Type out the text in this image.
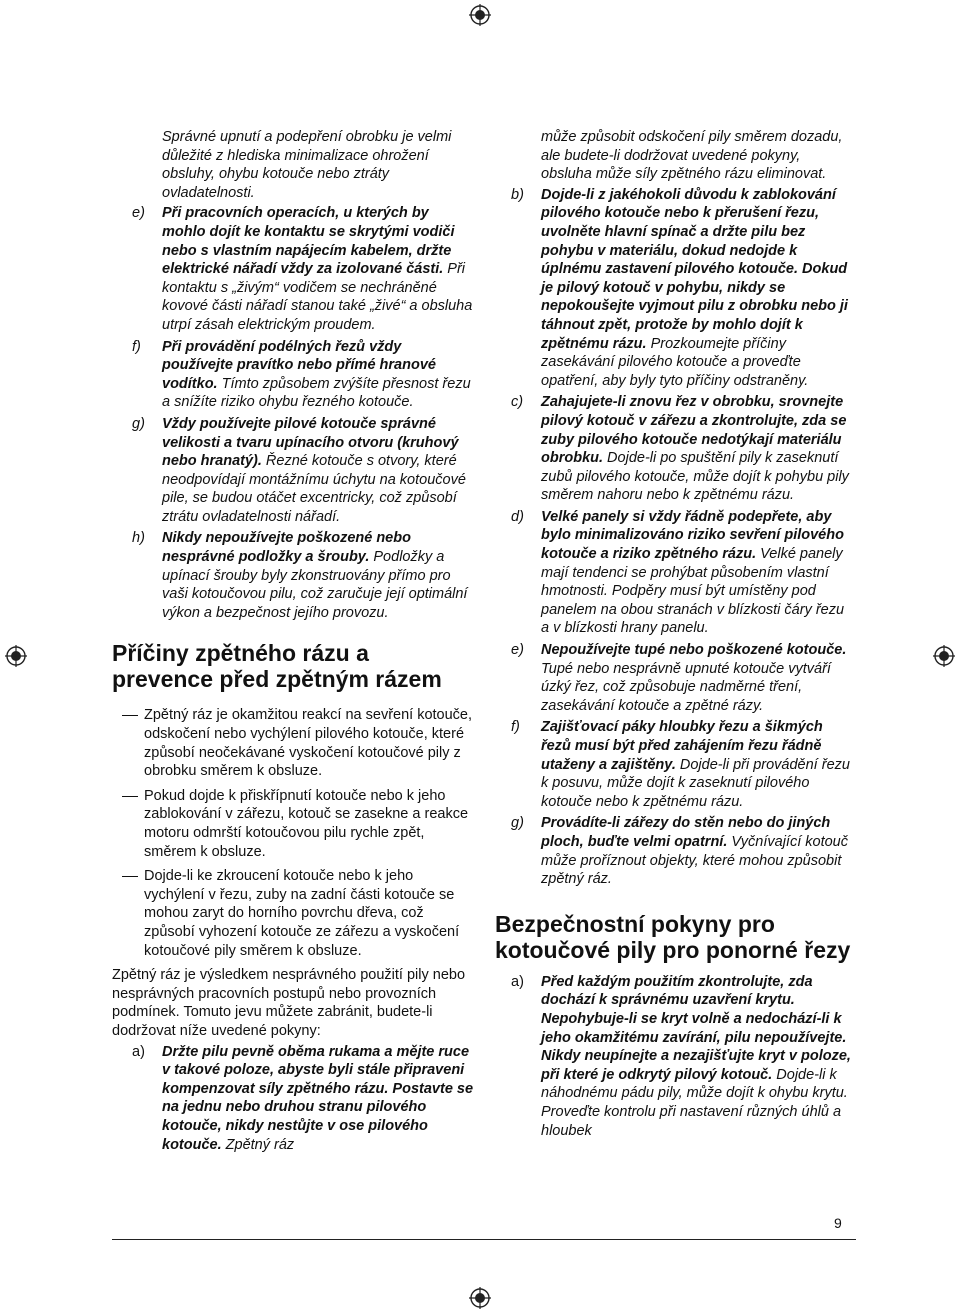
Správné upnutí a podepření obrobku je velmi důležité z hlediska minimalizace ohrožení obsluhy, ohybu kotouče nebo ztráty ovladatelnosti.
e) Při pracovních operacích, u kterých by mohlo dojít ke kontaktu se skrytými vodiči nebo s vlastním napájecím kabelem, držte elektrické nářadí vždy za izolované části. Při kontaktu s „živým“ vodičem se nechráněné kovové části nářadí stanou také „živé“ a obsluha utrpí zásah elektrickým proudem.
f) Při provádění podélných řezů vždy používejte pravítko nebo přímé hranové vodítko. Tímto způsobem zvýšíte přesnost řezu a snížíte riziko ohybu řezného kotouče.
g) Vždy používejte pilové kotouče správné velikosti a tvaru upínacího otvoru (kruhový nebo hranatý). Řezné kotouče s otvory, které neodpovídají montážnímu úchytu na kotoučové pile, se budou otáčet excentricky, což způsobí ztrátu ovladatelnosti nářadí.
h) Nikdy nepoužívejte poškozené nebo nesprávné podložky a šrouby. Podložky a upínací šrouby byly zkonstruovány přímo pro vaši kotoučovou pilu, což zaručuje její optimální výkon a bezpečnost jejího provozu.
Příčiny zpětného rázu a prevence před zpětným rázem
Zpětný ráz je okamžitou reakcí na sevření kotouče, odskočení nebo vychýlení pilového kotouče, které způsobí neočekávané vyskočení kotoučové pily z obrobku směrem k obsluze.
Pokud dojde k přiskřípnutí kotouče nebo k jeho zablokování v zářezu, kotouč se zasekne a reakce motoru odmrští kotoučovou pilu rychle zpět, směrem k obsluze.
Dojde-li ke zkroucení kotouče nebo k jeho vychýlení v řezu, zuby na zadní části kotouče se mohou zaryt do horního povrchu dřeva, což způsobí vyhození kotouče ze zářezu a vyskočení kotoučové pily směrem k obsluze.
Zpětný ráz je výsledkem nesprávného použití pily nebo nesprávných pracovních postupů nebo provozních podmínek. Tomuto jevu můžete zabránit, budete-li dodržovat níže uvedené pokyny:
a) Držte pilu pevně oběma rukama a mějte ruce v takové poloze, abyste byli stále připraveni kompenzovat síly zpětného rázu. Postavte se na jednu nebo druhou stranu pilového kotouče, nikdy nestůjte v ose pilového kotouče. Zpětný ráz
může způsobit odskočení pily směrem dozadu, ale budete-li dodržovat uvedené pokyny, obsluha může síly zpětného rázu eliminovat.
b) Dojde-li z jakéhokoli důvodu k zablokování pilového kotouče nebo k přerušení řezu, uvolněte hlavní spínač a držte pilu bez pohybu v materiálu, dokud nedojde k úplnému zastavení pilového kotouče. Dokud je pilový kotouč v pohybu, nikdy se nepokoušejte vyjmout pilu z obrobku nebo ji táhnout zpět, protože by mohlo dojít k zpětnému rázu. Prozkoumejte příčiny zasekávání pilového kotouče a proveďte opatření, aby byly tyto příčiny odstraněny.
c) Zahajujete-li znovu řez v obrobku, srovnejte pilový kotouč v zářezu a zkontrolujte, zda se zuby pilového kotouče nedotýkají materiálu obrobku. Dojde-li po spuštění pily k zaseknutí zubů pilového kotouče, může dojít k pohybu pily směrem nahoru nebo k zpětnému rázu.
d) Velké panely si vždy řádně podepřete, aby bylo minimalizováno riziko sevření pilového kotouče a riziko zpětného rázu. Velké panely mají tendenci se prohýbat působením vlastní hmotnosti. Podpěry musí být umístěny pod panelem na obou stranách v blízkosti čáry řezu a v blízkosti hrany panelu.
e) Nepoužívejte tupé nebo poškozené kotouče. Tupé nebo nesprávně upnuté kotouče vytváří úzký řez, což způsobuje nadměrné tření, zasekávání kotouče a zpětné rázy.
f) Zajišťovací páky hloubky řezu a šikmých řezů musí být před zahájením řezu řádně utaženy a zajištěny. Dojde-li při provádění řezu k posuvu, může dojít k zaseknutí pilového kotouče nebo k zpětnému rázu.
g) Provádíte-li zářezy do stěn nebo do jiných ploch, buďte velmi opatrní. Vyčnívající kotouč může proříznout objekty, které mohou způsobit zpětný ráz.
Bezpečnostní pokyny pro kotoučové pily pro ponorné řezy
a) Před každým použitím zkontrolujte, zda dochází k správnému uzavření krytu. Nepohybuje-li se kryt volně a nedochází-li k jeho okamžitému zavírání, pilu nepoužívejte. Nikdy neupínejte a nezajišťujte kryt v poloze, při které je odkrytý pilový kotouč. Dojde-li k náhodnému pádu pily, může dojít k ohybu krytu. Proveďte kontrolu při nastavení různých úhlů a hloubek
9
